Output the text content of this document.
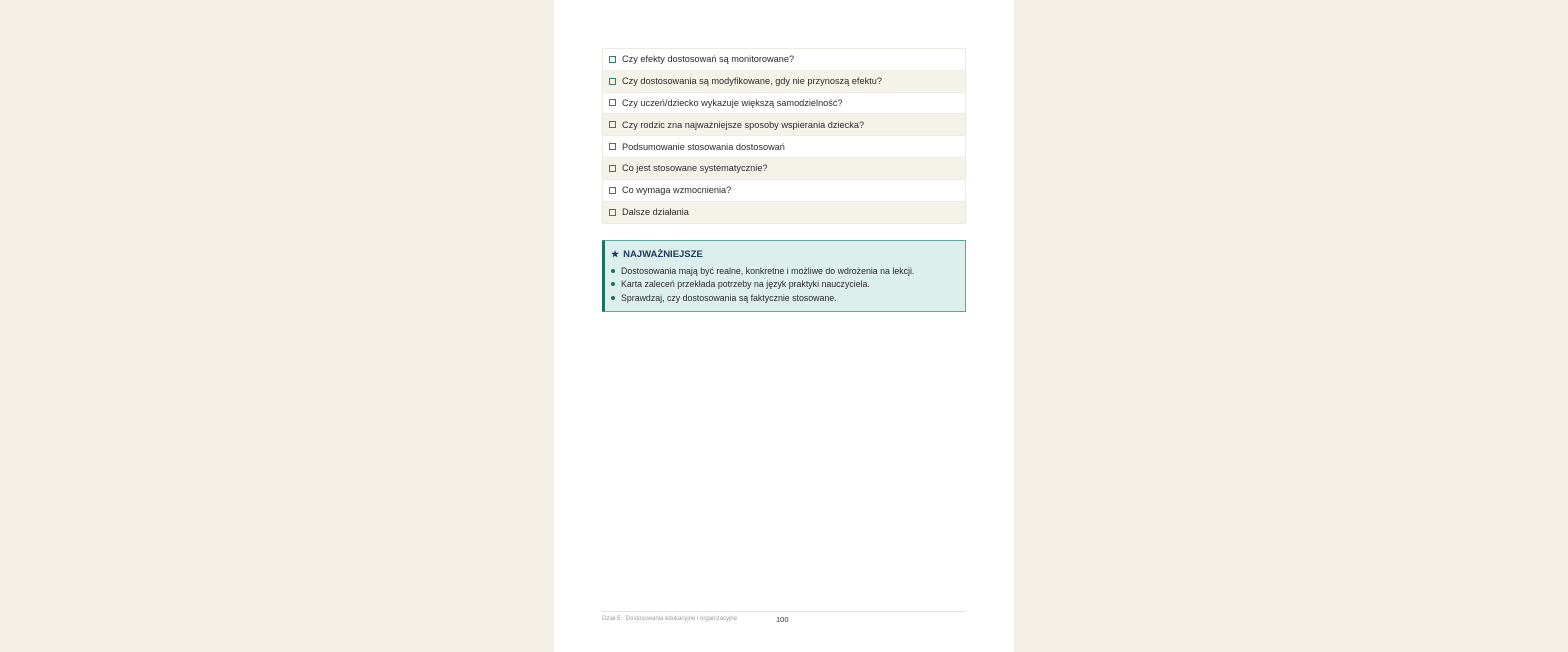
Czy efekty dostosowań są monitorowane?
Czy dostosowania są modyfikowane, gdy nie przynoszą efektu?
Czy uczeń/dziecko wykazuje większą samodzielność?
Czy rodzic zna najważniejsze sposoby wspierania dziecka?
Podsumowanie stosowania dostosowań
Co jest stosowane systematycznie?
Co wymaga wzmocnienia?
Dalsze działania
★ NAJWAŻNIEJSZE
Dostosowania mają być realne, konkretne i możliwe do wdrożenia na lekcji.
Karta zaleceń przekłada potrzeby na język praktyki nauczyciela.
Sprawdzaj, czy dostosowania są faktycznie stosowane.
Dział 5 · Dostosowania edukacyjne i organizacyjne	100
